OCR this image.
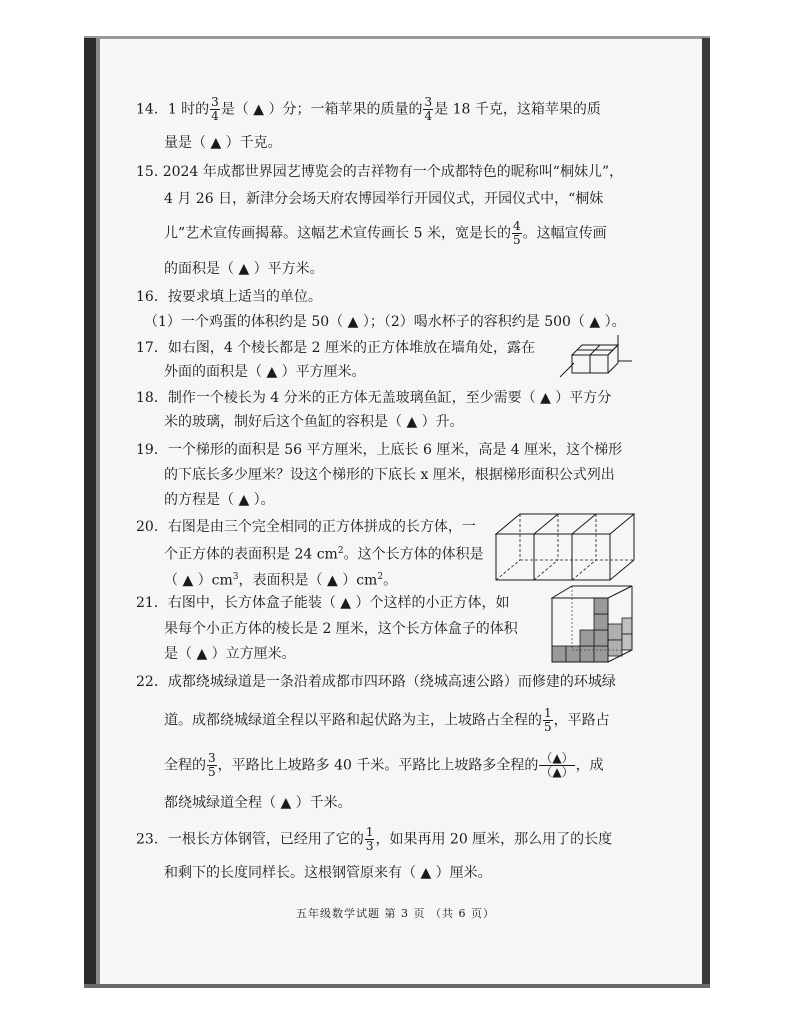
14．1 时的 $\frac{3}{4}$ 是（ ▲ ）分；一箱苹果的质量的 $\frac{3}{4}$ 是 18 千克，这箱苹果的质
量是（ ▲ ）千克。
15. 2024 年成都世界园艺博览会的吉祥物有一个成都特色的昵称叫“桐妹儿”，
4 月 26 日，新津分会场天府农博园举行开园仪式，开园仪式中，“桐妹
儿”艺术宣传画揭幕。这幅艺术宣传画长 5 米，宽是长的 $\frac{4}{5}$ 。这幅宣传画
的面积是（ ▲ ）平方米。
16．按要求填上适当的单位。
（1）一个鸡蛋的体积约是 50（ ▲ ）；（2）喝水杯子的容积约是 500（ ▲ ）。
17．如右图，4 个棱长都是 2 厘米的正方体堆放在墙角处，露在
外面的面积是（ ▲ ）平方厘米。
18．制作一个棱长为 4 分米的正方体无盖玻璃鱼缸，至少需要（ ▲ ）平方分
米的玻璃，制好后这个鱼缸的容积是（ ▲ ）升。
19．一个梯形的面积是 56 平方厘米，上底长 6 厘米，高是 4 厘米，这个梯形
的下底长多少厘米？设这个梯形的下底长 x 厘米，根据梯形面积公式列出
的方程是（ ▲ ）。
20．右图是由三个完全相同的正方体拼成的长方体，一
个正方体的表面积是 24 $cm^2$。这个长方体的体积是
（ ▲ ）$cm^3$，表面积是（ ▲ ）$cm^2$。
21．右图中，长方体盒子能装（ ▲ ）个这样的小正方体，如
果每个小正方体的棱长是 2 厘米，这个长方体盒子的体积
是（ ▲ ）立方厘米。
22．成都绕城绿道是一条沿着成都市四环路（绕城高速公路）而修建的环城绿
道。成都绕城绿道全程以平路和起伏路为主，上坡路占全程的 $\frac{1}{5}$ ，平路占
全程的 $\frac{3}{5}$ ，平路比上坡路多 40 千米。平路比上坡路多全程的 $\frac{(▲)}{(▲)}$ ，成
都绕城绿道全程（ ▲ ）千米。
23．一根长方体钢管，已经用了它的 $\frac{1}{3}$ ，如果再用 20 厘米，那么用了的长度
和剩下的长度同样长。这根钢管原来有（ ▲ ）厘米。
五年级数学试题 第 3 页 （共 6 页）
